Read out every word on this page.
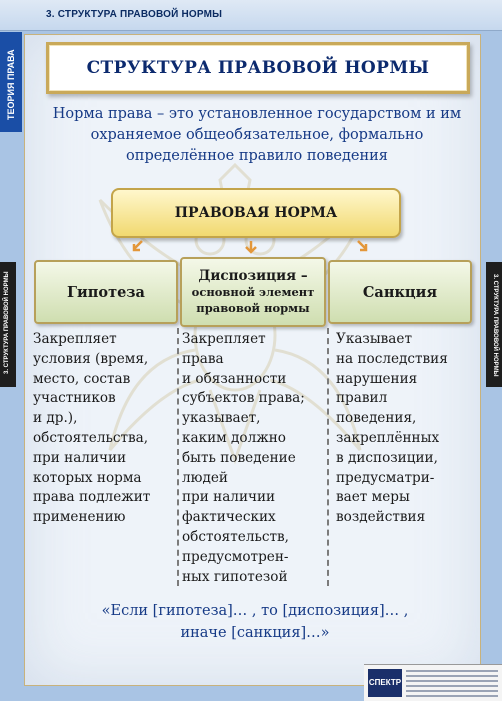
3. СТРУКТУРА ПРАВОВОЙ НОРМЫ
ТЕОРИЯ ПРАВА
3. СТРУКТУРА ПРАВОВОЙ НОРМЫ	3. СТРУКТУРА ПРАВОВОЙ НОРМЫ
СТРУКТУРА ПРАВОВОЙ НОРМЫ
Норма права – это установленное государством и им охраняемое общеобязательное, формально определённое правило поведения
ПРАВОВАЯ НОРМА
Гипотеза
Диспозиция –
основной элемент
правовой нормы
Санкция
Закрепляет
условия (время,
место, состав
участников
и др.),
обстоятельства,
при наличии
которых норма
права подлежит
применению
Закрепляет
права
и обязанности
субъектов права;
указывает,
каким должно
быть поведение
людей
при наличии
фактических
обстоятельств,
предусмотрен-
ных гипотезой
Указывает
на последствия
нарушения
правил
поведения,
закреплённых
в диспозиции,
предусматри-
вает меры
воздействия
«Если [гипотеза]… , то [диспозиция]… ,
иначе [санкция]…»
СПЕКТР
